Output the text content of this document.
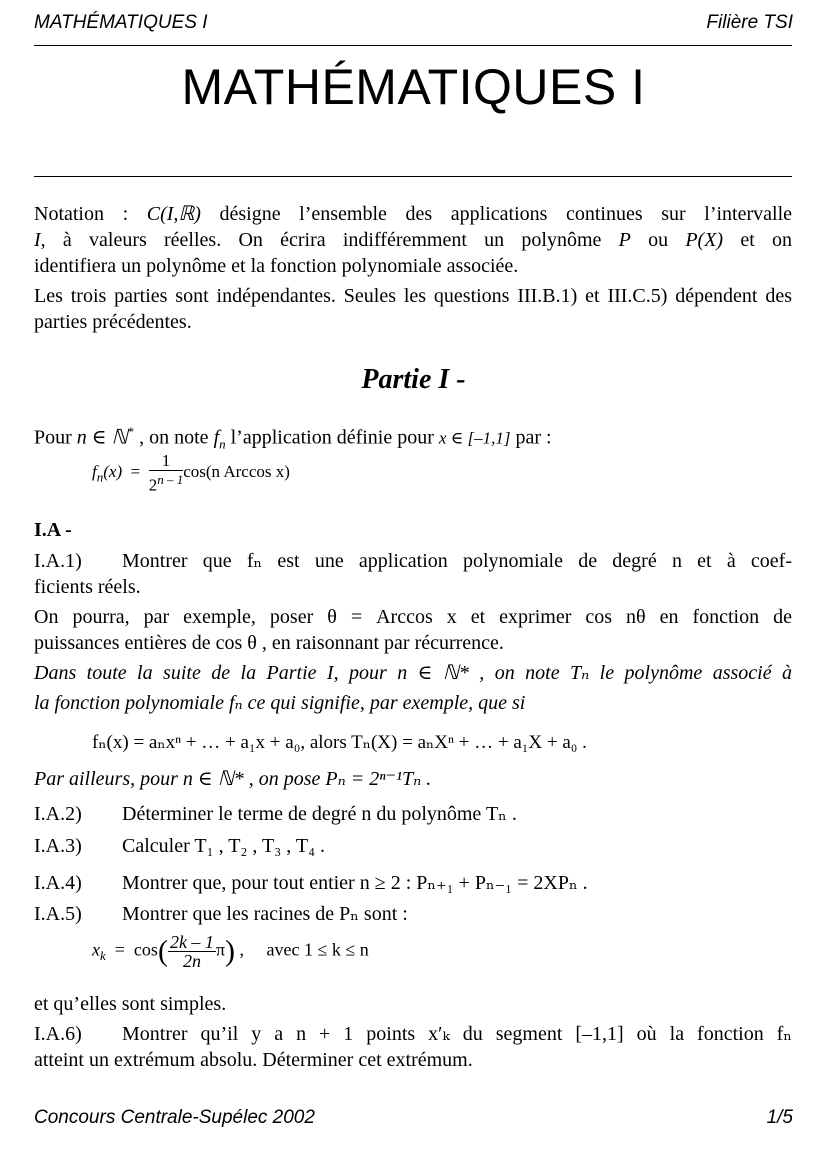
MATHÉMATIQUES I	Filière TSI
MATHÉMATIQUES I
Notation : C(I,ℝ) désigne l’ensemble des applications continues sur l’intervalle
I, à valeurs réelles. On écrira indifféremment un polynôme P ou P(X) et on
identifiera un polynôme et la fonction polynomiale associée.
Les trois parties sont indépendantes. Seules les questions III.B.1) et III.C.5) dépendent des parties précédentes.
Partie I -
Pour n ∈ ℕ* , on note $f_n$ l’application définie pour x ∈ [–1,1] par :
$f_n(x) = \frac{1}{2^{n - 1}} \cos(n$ Arccos x)
I.A -
I.A.1) Montrer que fₙ est une application polynomiale de degré n et à coef-
ficients réels.
On pourra, par exemple, poser θ = Arccos x et exprimer cos nθ en fonction de
puissances entières de cos θ , en raisonnant par récurrence.
Dans toute la suite de la Partie I, pour n ∈ ℕ* , on note Tₙ le polynôme associé à
la fonction polynomiale fₙ ce qui signifie, par exemple, que si
fₙ(x) = aₙxⁿ + … + a₁x + a₀, alors Tₙ(X) = aₙXⁿ + … + a₁X + a₀ .
Par ailleurs, pour n ∈ ℕ* , on pose Pₙ = 2ⁿ⁻¹Tₙ .
I.A.2) Déterminer le terme de degré n du polynôme Tₙ .
I.A.3) Calculer T₁ , T₂ , T₃ , T₄ .
I.A.4) Montrer que, pour tout entier n ≥ 2 : Pₙ₊₁ + Pₙ₋₁ = 2XPₙ .
I.A.5) Montrer que les racines de Pₙ sont :
$x_k = \cos( \frac{2k - 1}{2n} \pi)$ ,     avec 1 ≤ k ≤ n
et qu’elles sont simples.
I.A.6) Montrer qu’il y a n + 1 points x′ₖ du segment [–1,1] où la fonction fₙ
atteint un extrémum absolu. Déterminer cet extrémum.
Concours Centrale-Supélec 2002	1/5
